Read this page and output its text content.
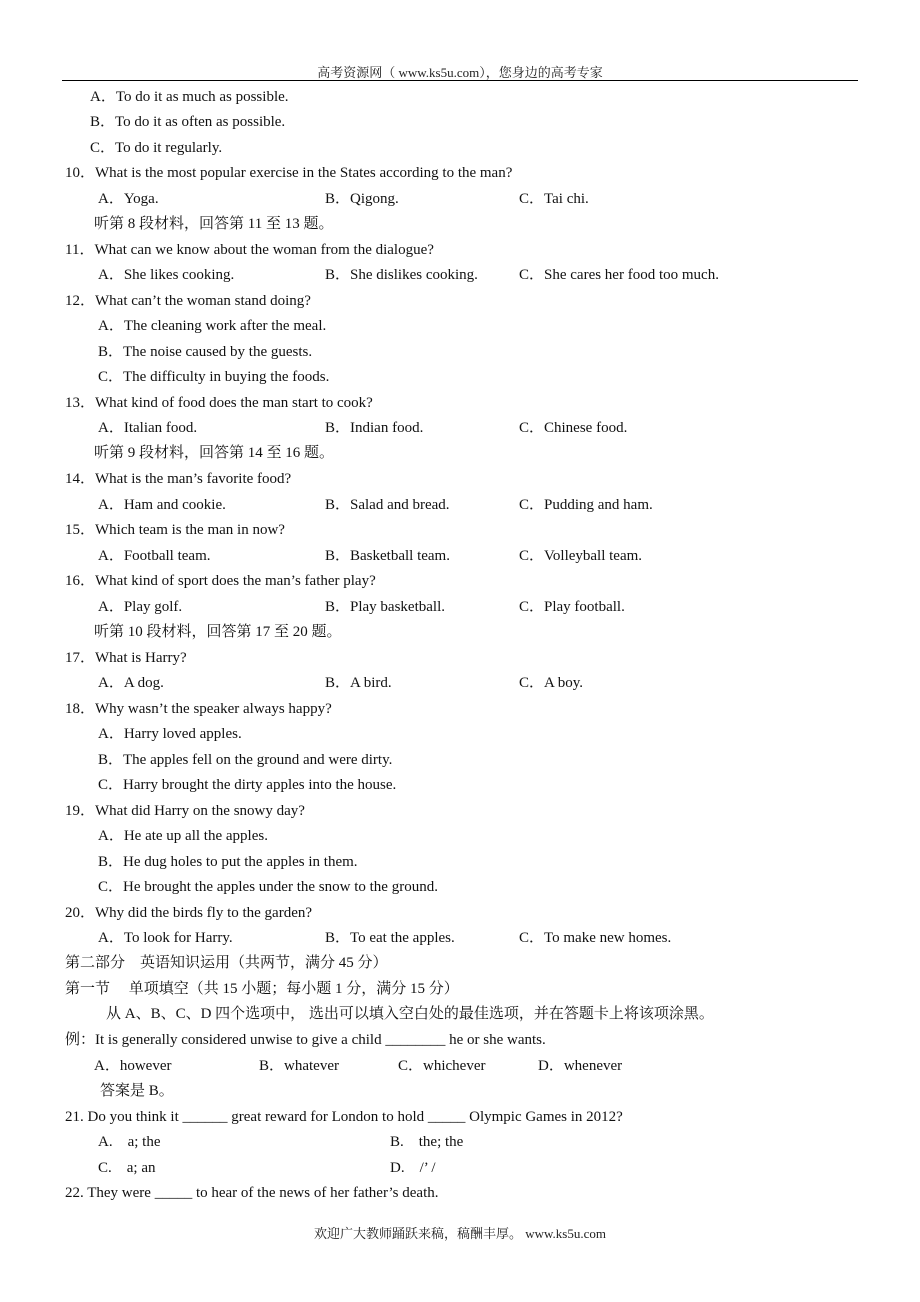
高考资源网（ www.ks5u.com），您身边的高考专家
A．To do it as much as possible.
B．To do it as often as possible.
C．To do it regularly.
10．What is the most popular exercise in the States according to the man?
A．Yoga.	B．Qigong.	C．Tai chi.
听第 8 段材料，回答第 11 至 13 题。
11．What can we know about the woman from the dialogue?
A．She likes cooking.	B．She dislikes cooking.	C．She cares her food too much.
12．What can’t the woman stand doing?
A．The cleaning work after the meal.
B．The noise caused by the guests.
C．The difficulty in buying the foods.
13．What kind of food does the man start to cook?
A．Italian food.	B．Indian food.	C．Chinese food.
听第 9 段材料，回答第 14 至 16 题。
14．What is the man’s favorite food?
A．Ham and cookie.	B．Salad and bread.	C．Pudding and ham.
15．Which team is the man in now?
A．Football team.	B．Basketball team.	C．Volleyball team.
16．What kind of sport does the man’s father play?
A．Play golf.	B．Play basketball.	C．Play football.
听第 10 段材料，回答第 17 至 20 题。
17．What is Harry?
A．A dog.	B．A bird.	C．A boy.
18．Why wasn’t the speaker always happy?
A．Harry loved apples.
B．The apples fell on the ground and were dirty.
C．Harry brought the dirty apples into the house.
19．What did Harry on the snowy day?
A．He ate up all the apples.
B．He dug holes to put the apples in them.
C．He brought the apples under the snow to the ground.
20．Why did the birds fly to the garden?
A．To look for Harry.	B．To eat the apples.	C．To make new homes.
第二部分　英语知识运用（共两节，满分 45 分）
第一节　 单项填空（共 15 小题；每小题 1 分，满分 15 分）
从 A、B、C、D 四个选项中， 选出可以填入空白处的最佳选项，并在答题卡上将该项涂黑。
例：It is generally considered unwise to give a child ________ he or she wants.
A．however	B．whatever	C．whichever	D．whenever
答案是 B。
21. Do you think it ______ great reward for London to hold _____ Olympic Games in 2012?
A.　a; the	B.　the; the
C.　a; an	D.　/’ /
22. They were _____ to hear of the news of her father’s death.
欢迎广大教师踊跃来稿，稿酬丰厚。 www.ks5u.com
